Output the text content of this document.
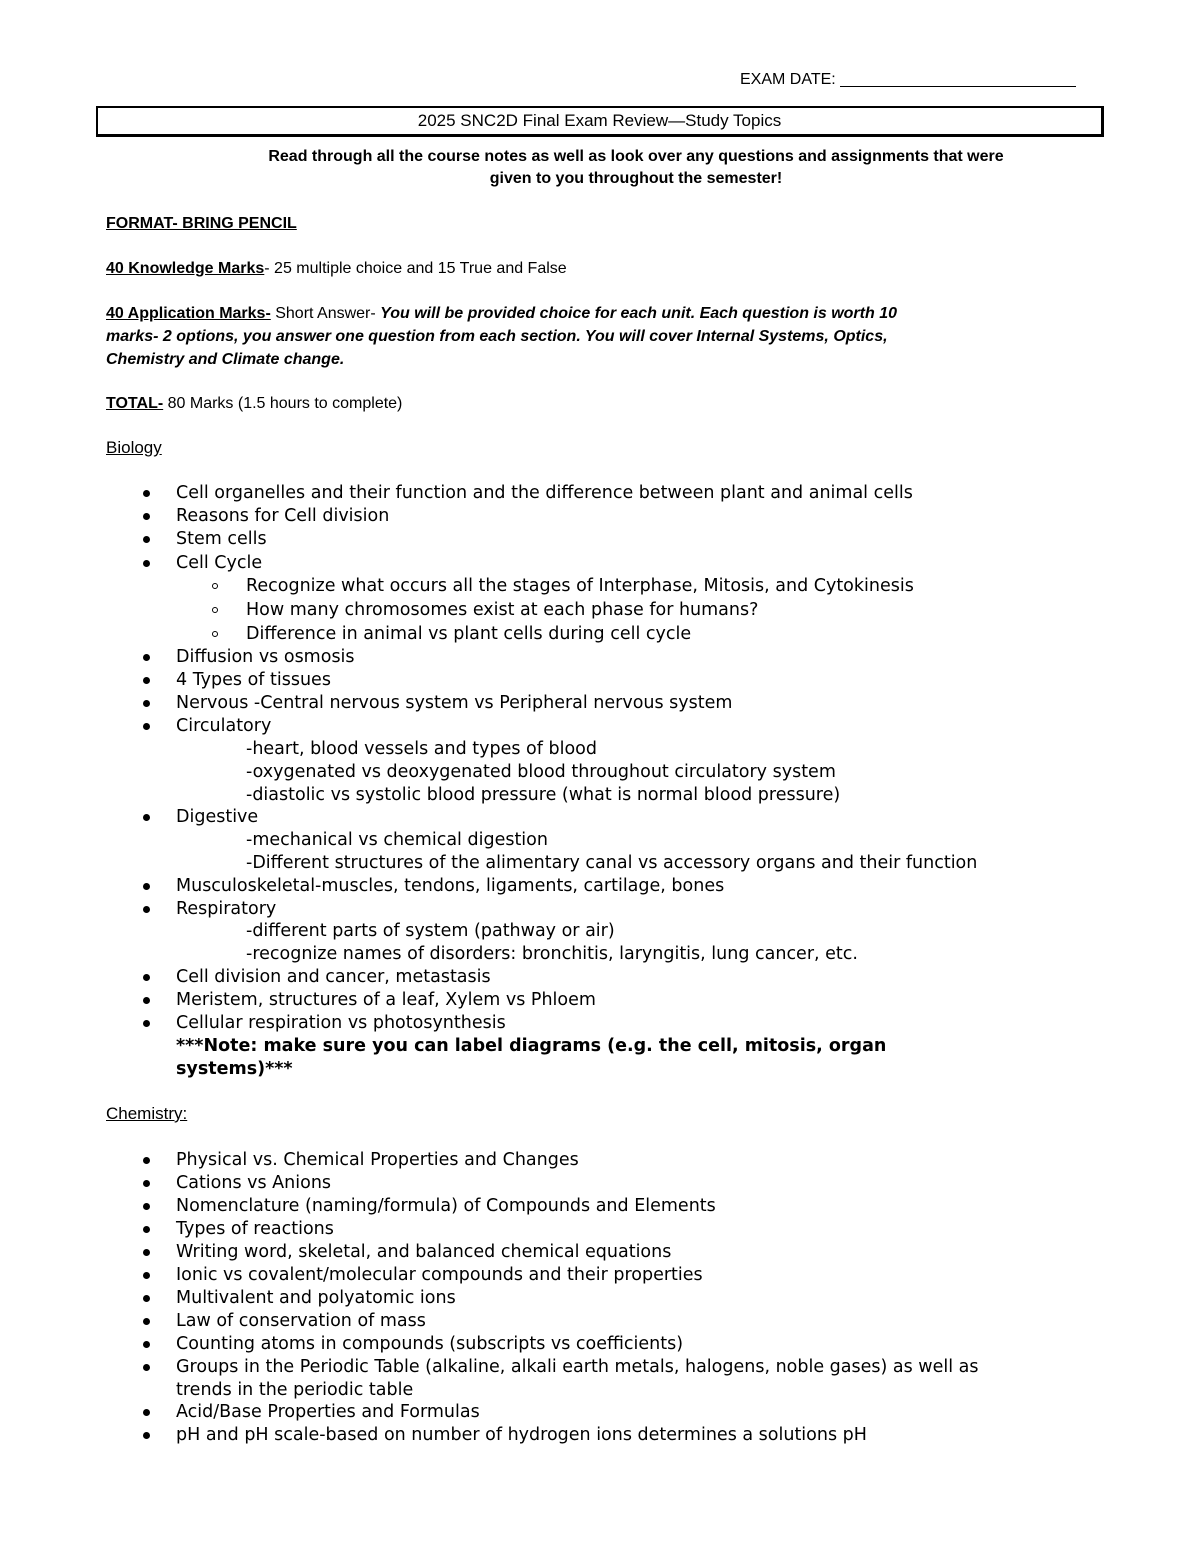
EXAM DATE:
2025 SNC2D Final Exam Review—Study Topics
Read through all the course notes as well as look over any questions and assignments that were
given to you throughout the semester!
FORMAT- BRING PENCIL
40 Knowledge Marks- 25 multiple choice and 15 True and False
40 Application Marks- Short Answer- You will be provided choice for each unit. Each question is worth 10
marks- 2 options, you answer one question from each section. You will cover Internal Systems, Optics,
Chemistry and Climate change.
TOTAL- 80 Marks (1.5 hours to complete)
Biology
Cell organelles and their function and the difference between plant and animal cells
Reasons for Cell division
Stem cells
Cell Cycle
Recognize what occurs all the stages of Interphase, Mitosis, and Cytokinesis
How many chromosomes exist at each phase for humans?
Difference in animal vs plant cells during cell cycle
Diffusion vs osmosis
4 Types of tissues
Nervous -Central nervous system vs Peripheral nervous system
Circulatory
-heart, blood vessels and types of blood
-oxygenated vs deoxygenated blood throughout circulatory system
-diastolic vs systolic blood pressure (what is normal blood pressure)
Digestive
-mechanical vs chemical digestion
-Different structures of the alimentary canal vs accessory organs and their function
Musculoskeletal-muscles, tendons, ligaments, cartilage, bones
Respiratory
-different parts of system (pathway or air)
-recognize names of disorders: bronchitis, laryngitis, lung cancer, etc.
Cell division and cancer, metastasis
Meristem, structures of a leaf, Xylem vs Phloem
Cellular respiration vs photosynthesis
***Note: make sure you can label diagrams (e.g. the cell, mitosis, organ
systems)***
Chemistry:
Physical vs. Chemical Properties and Changes
Cations vs Anions
Nomenclature (naming/formula) of Compounds and Elements
Types of reactions
Writing word, skeletal, and balanced chemical equations
Ionic vs covalent/molecular compounds and their properties
Multivalent and polyatomic ions
Law of conservation of mass
Counting atoms in compounds (subscripts vs coefficients)
Groups in the Periodic Table (alkaline, alkali earth metals, halogens, noble gases) as well as
trends in the periodic table
Acid/Base Properties and Formulas
pH and pH scale-based on number of hydrogen ions determines a solutions pH
